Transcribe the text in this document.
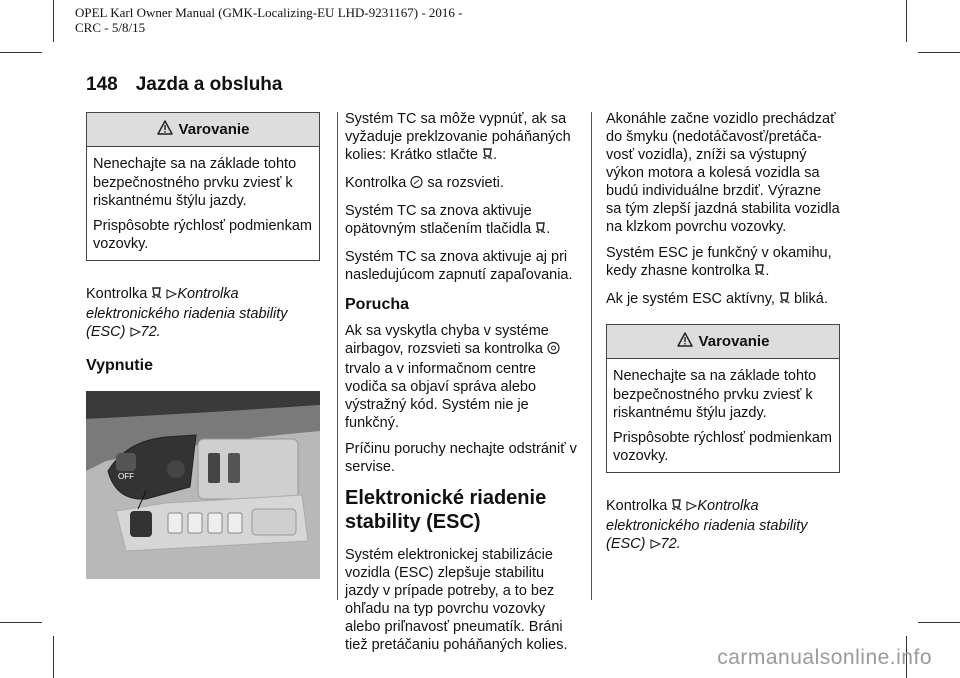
OPEL Karl Owner Manual (GMK-Localizing-EU LHD-9231167) - 2016 -
CRC - 5/8/15
148 Jazda a obsluha
Varovanie

Nenechajte sa na základe tohto bezpečnostného prvku zviesť k riskantnému štýlu jazdy.

Prispôsobte rýchlosť podmienkam vozovky.

Kontrolka Kontrolka elektronického riadenia stability (ESC) 72.

Vypnutie
OFF

Systém TC sa môže vypnúť, ak sa vyžaduje preklzovanie poháňaných kolies: Krátko stlačte .

Kontrolka sa rozsvieti.

Systém TC sa znova aktivuje opätovným stlačením tlačidla .

Systém TC sa znova aktivuje aj pri nasledujúcom zapnutí zapaľovania.

Porucha

Ak sa vyskytla chyba v systéme airbagov, rozsvieti sa kontrolka  trvalo a v informačnom centre vodiča sa objaví správa alebo výstražný kód. Systém nie je funkčný.

Príčinu poruchy nechajte odstrániť v servise.

Elektronické riadenie stability (ESC)

Systém elektronickej stabilizácie vozidla (ESC) zlepšuje stabilitu jazdy v prípade potreby, a to bez ohľadu na typ povrchu vozovky alebo priľnavosť pneumatík. Bráni tiež pretáčaniu poháňaných kolies.

Akonáhle začne vozidlo prechádzať do šmyku (nedotáčavosť/pretáča-vosť vozidla), zníži sa výstupný výkon motora a kolesá vozidla sa budú individuálne brzdiť. Výrazne sa tým zlepší jazdná stabilita vozidla na klzkom povrchu vozovky.

Systém ESC je funkčný v okamihu, kedy zhasne kontrolka .

Ak je systém ESC aktívny, bliká.

Varovanie

Nenechajte sa na základe tohto bezpečnostného prvku zviesť k riskantnému štýlu jazdy.

Prispôsobte rýchlosť podmienkam vozovky.

Kontrolka Kontrolka elektronického riadenia stability (ESC) 72.

carmanualsonline.info
